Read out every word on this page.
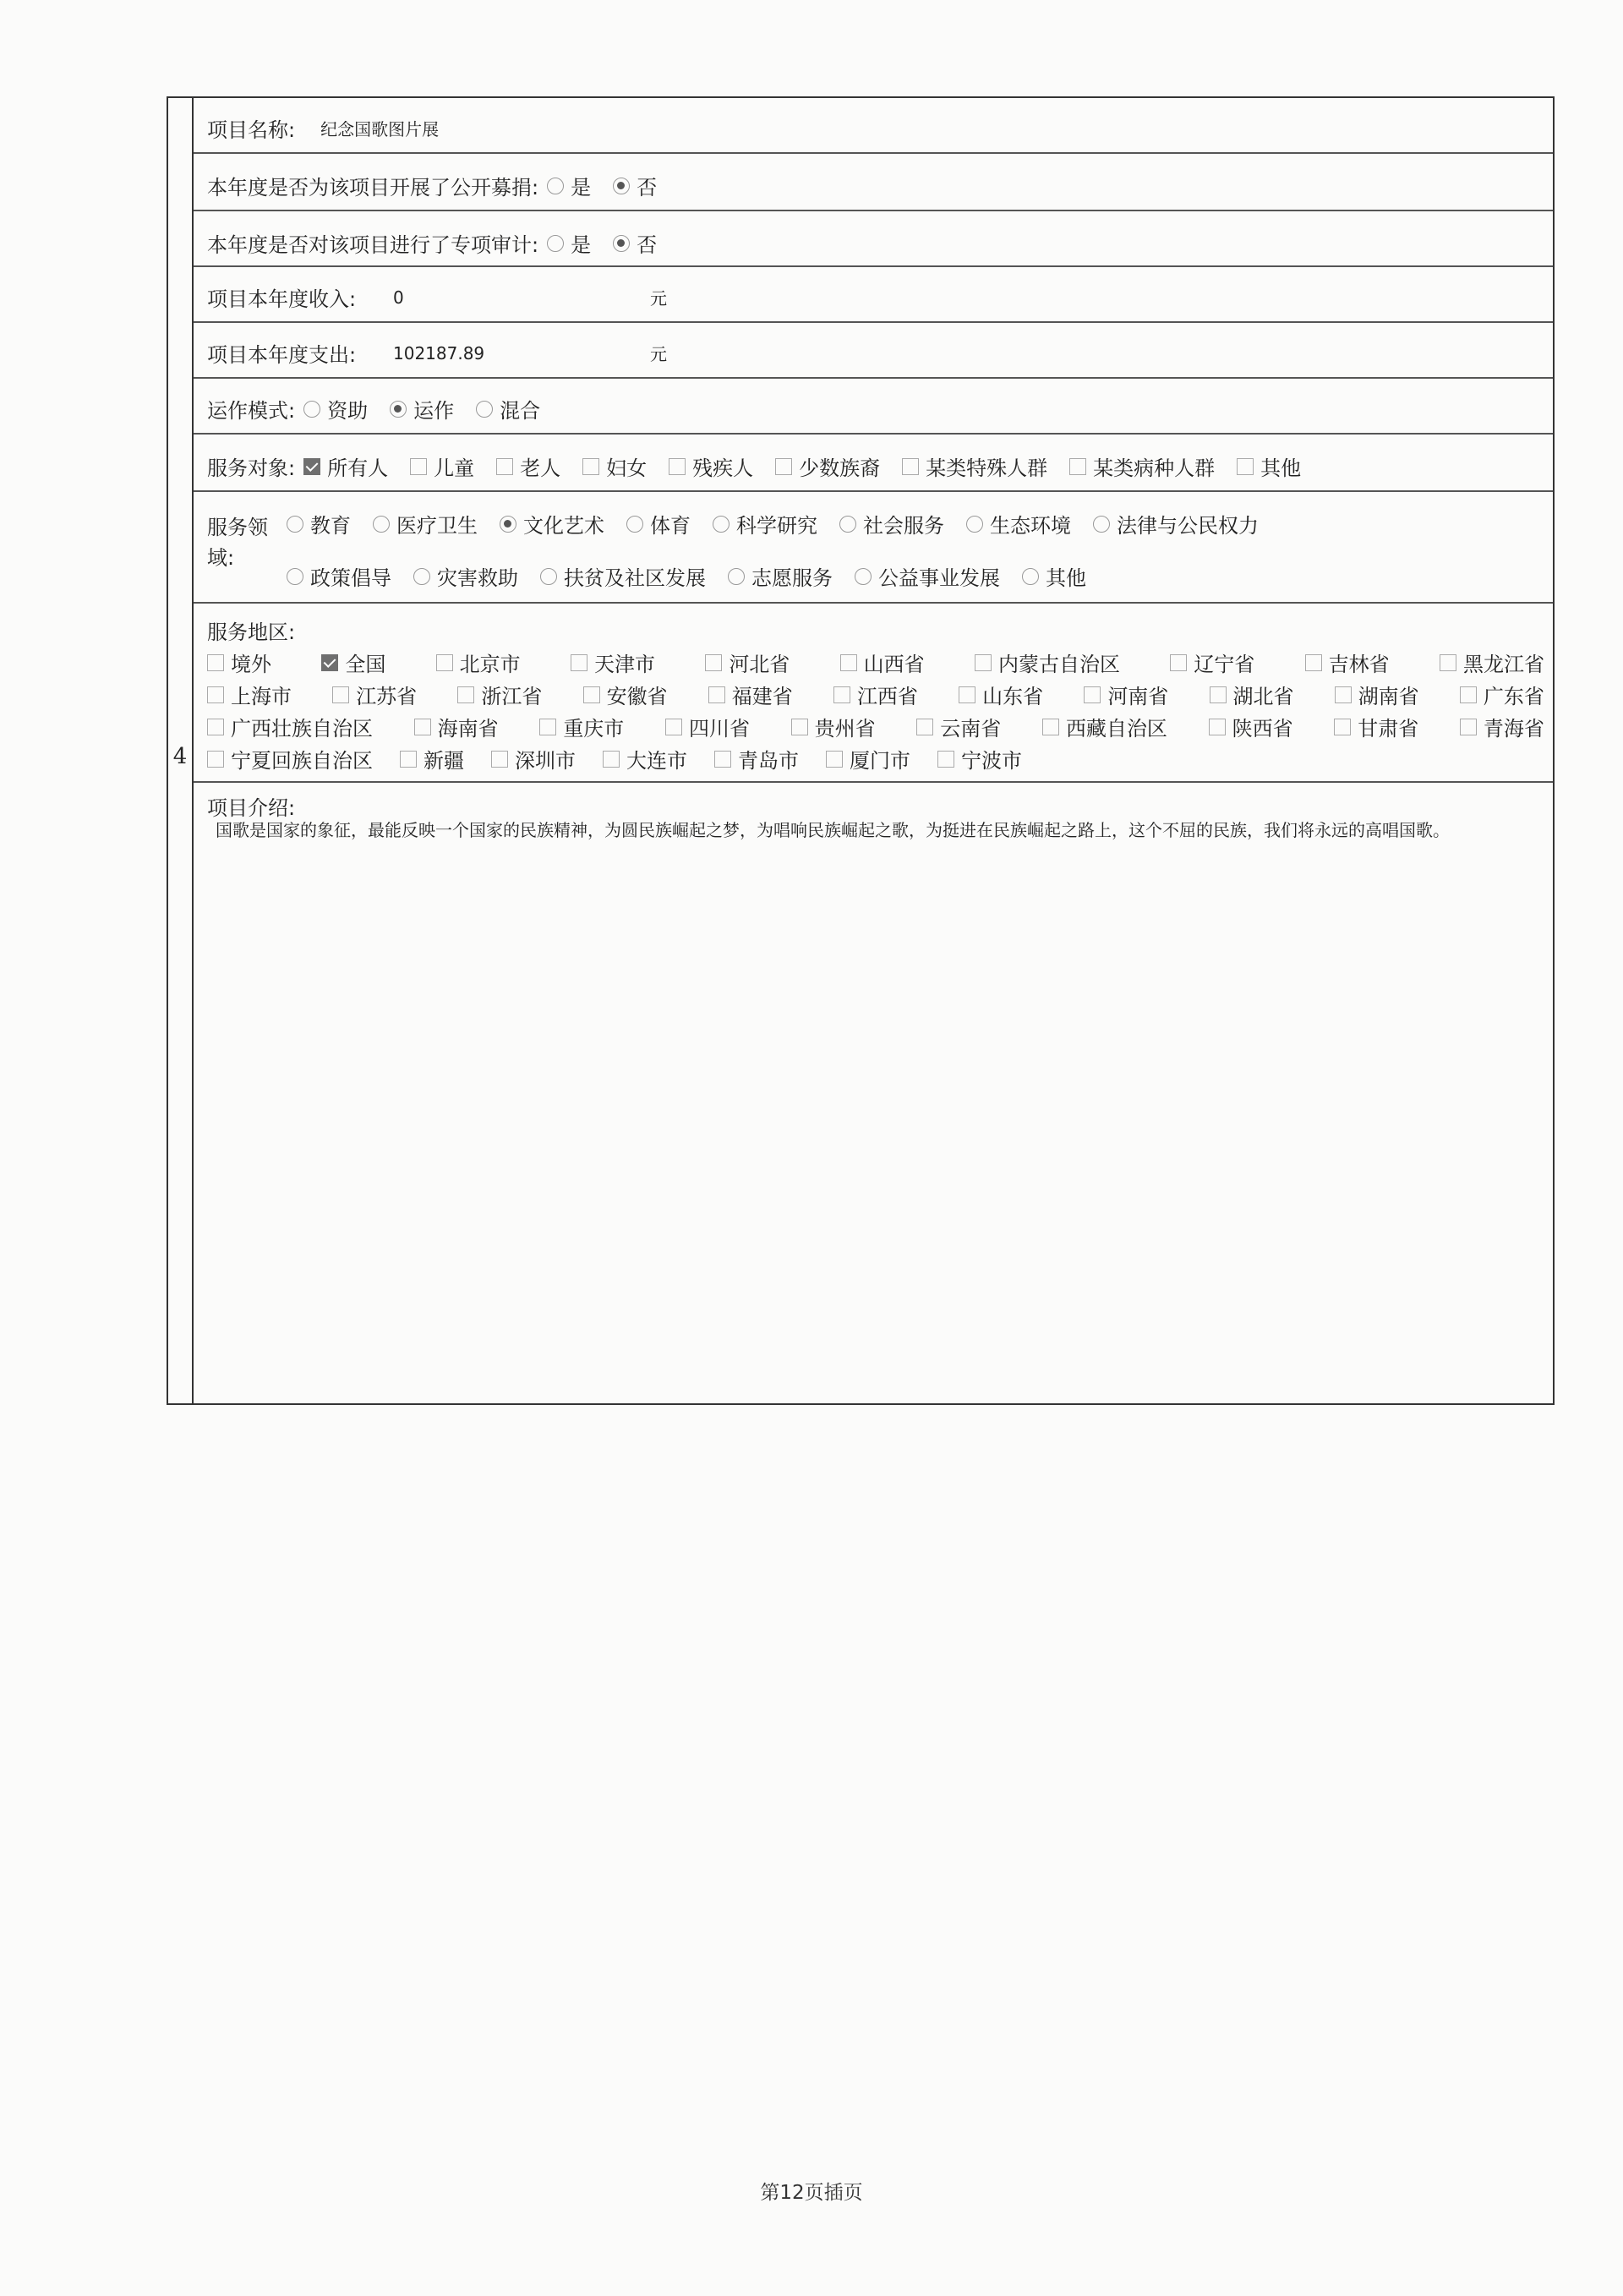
4
项目名称: 纪念国歌图片展
本年度是否为该项目开展了公开募捐: 是 否
本年度是否对该项目进行了专项审计: 是 否
项目本年度收入:	0	元
项目本年度支出:	102187.89	元
运作模式: 资助 运作 混合
服务对象: 所有人 儿童 老人 妇女 残疾人 少数族裔 某类特殊人群 某类病种人群 其他
服务领
域:
教育 医疗卫生 文化艺术 体育 科学研究 社会服务 生态环境 法律与公民权力
政策倡导 灾害救助 扶贫及社区发展 志愿服务 公益事业发展 其他
服务地区:
境外	全国	北京市	天津市	河北省	山西省	内蒙古自治区	辽宁省	吉林省	黑龙江省
上海市	江苏省	浙江省	安徽省	福建省	江西省	山东省	河南省	湖北省	湖南省	广东省
广西壮族自治区	海南省	重庆市	四川省	贵州省	云南省	西藏自治区	陕西省	甘肃省	青海省
宁夏回族自治区	新疆	深圳市	大连市	青岛市	厦门市	宁波市
项目介绍:
国歌是国家的象征，最能反映一个国家的民族精神，为圆民族崛起之梦，为唱响民族崛起之歌，为挺进在民族崛起之路上，这个不屈的民族，我们将永远的高唱国歌。
第12页插页
